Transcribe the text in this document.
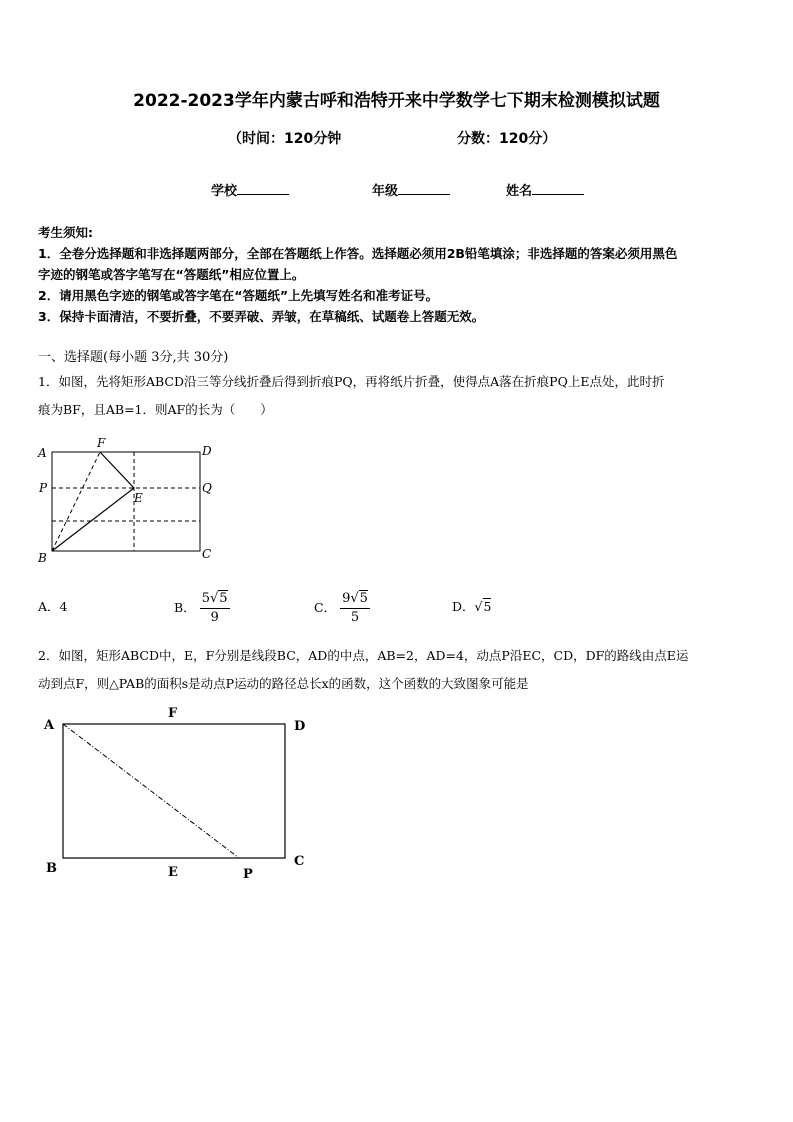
2022-2023学年内蒙古呼和浩特开来中学数学七下期末检测模拟试题
（时间：120分钟	分数：120分）
学校	年级	姓名
考生须知:
1．全卷分选择题和非选择题两部分，全部在答题纸上作答。选择题必须用2B铅笔填涂；非选择题的答案必须用黑色
字迹的钢笔或答字笔写在“答题纸”相应位置上。
2．请用黑色字迹的钢笔或答字笔在“答题纸”上先填写姓名和准考证号。
3．保持卡面清洁，不要折叠，不要弄破、弄皱，在草稿纸、试题卷上答题无效。
一、选择题(每小题 3分,共 30分)
1．如图，先将矩形ABCD沿三等分线折叠后得到折痕PQ，再将纸片折叠，使得点A落在折痕PQ上E点处，此时折
痕为BF，且AB=1．则AF的长为（　　）
A
B	C
D
F
P	Q
E
A．4	B． $\frac{5√5}{9}$	C． $\frac{9√5}{5}$	D．√5
2．如图，矩形ABCD中，E，F分别是线段BC，AD的中点，AB=2，AD=4，动点P沿EC，CD，DF的路线由点E运
动到点F，则△PAB的面积s是动点P运动的路径总长x的函数，这个函数的大致图象可能是
A
B	C
D
F
E	P
